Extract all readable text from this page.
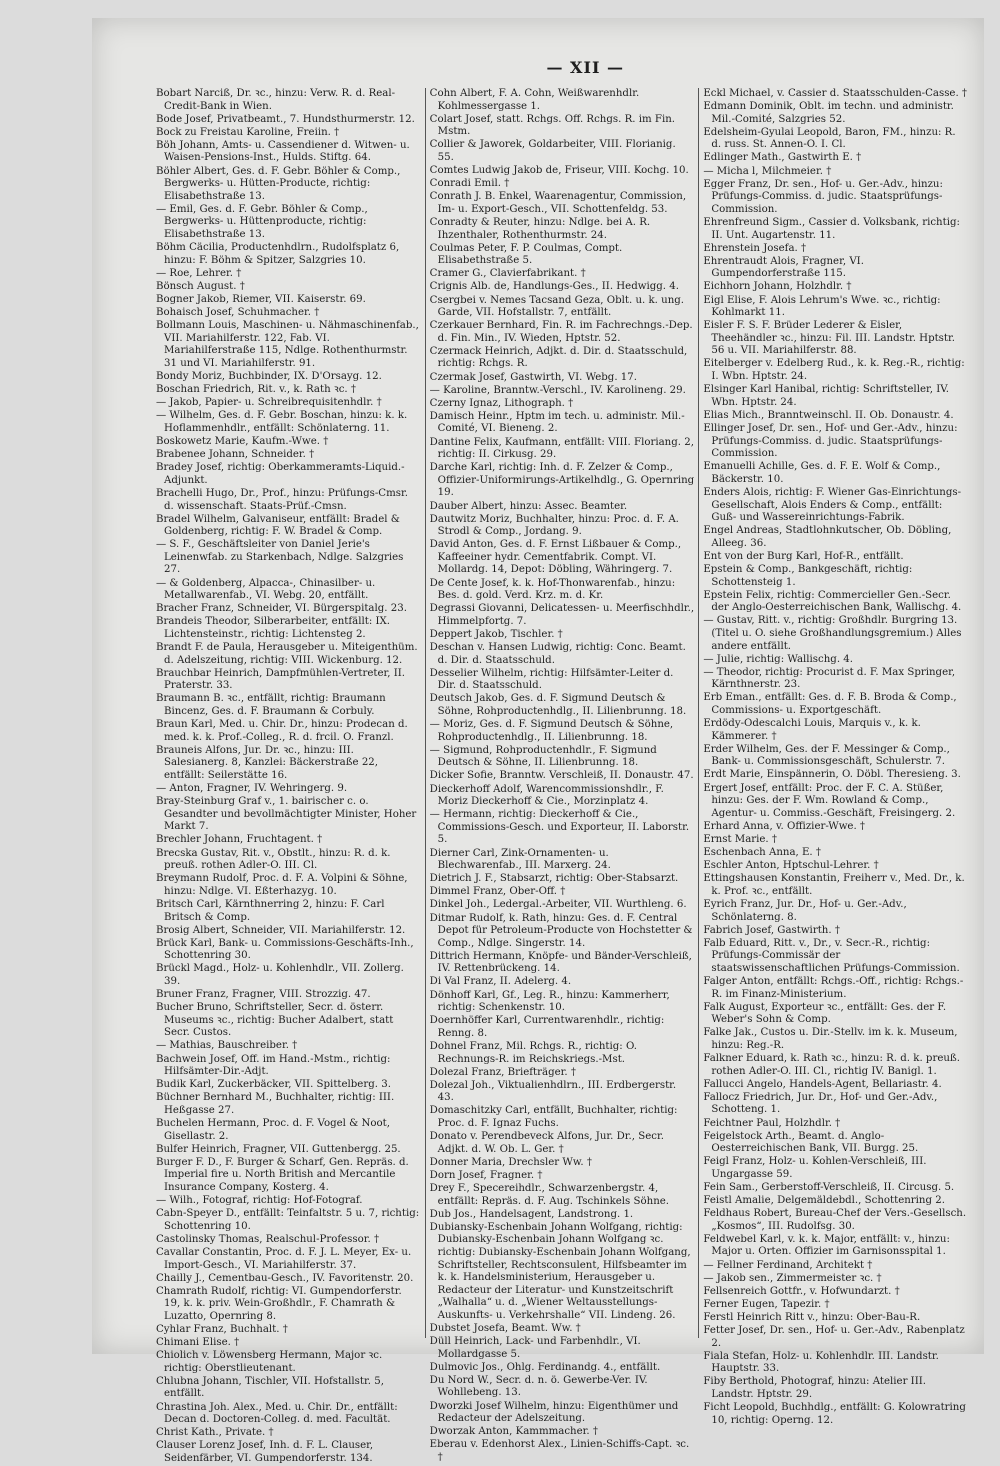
— XII —

Bobart Narciß, Dr. ꝛc., hinzu: Verw. R. d. Real-Credit-Bank in Wien.

Bode Josef, Privatbeamt., 7. Hundsthurmerstr. 12.

Bock zu Freistau Karoline, Freiin. †

Böh Johann, Amts- u. Cassendiener d. Witwen- u. Waisen-Pensions-Inst., Hulds. Stiftg. 64.

Böhler Albert, Ges. d. F. Gebr. Böhler & Comp., Bergwerks- u. Hütten-Producte, richtig: Elisabethstraße 13.

— Emil, Ges. d. F. Gebr. Böhler & Comp., Bergwerks- u. Hüttenproducte, richtig: Elisabethstraße 13.

Böhm Cäcilia, Productenhdlrn., Rudolfsplatz 6, hinzu: F. Böhm & Spitzer, Salzgries 10.

— Roe, Lehrer. †

Bönsch August. †

Bogner Jakob, Riemer, VII. Kaiserstr. 69.

Bohaisch Josef, Schuhmacher. †

Bollmann Louis, Maschinen- u. Nähmaschinenfab., VII. Mariahilferstr. 122, Fab. VI. Mariahilferstraße 115, Ndlge. Rothenthurmstr. 31 und VI. Mariahilferstr. 91.

Bondy Moriz, Buchbinder, IX. D'Orsayg. 12.

Boschan Friedrich, Rit. v., k. Rath ꝛc. †

— Jakob, Papier- u. Schreibrequisitenhdlr. †

— Wilhelm, Ges. d. F. Gebr. Boschan, hinzu: k. k. Hoflammenhdlr., entfällt: Schönlaterng. 11.

Boskowetz Marie, Kaufm.-Wwe. †

Brabenee Johann, Schneider. †

Bradey Josef, richtig: Oberkammeramts-Liquid.-Adjunkt.

Brachelli Hugo, Dr., Prof., hinzu: Prüfungs-Cmsr. d. wissenschaft. Staats-Prüf.-Cmsn.

Bradel Wilhelm, Galvaniseur, entfällt: Bradel & Goldenberg, richtig: F. W. Bradel & Comp.

— S. F., Geschäftsleiter von Daniel Jerie's Leinenwfab. zu Starkenbach, Ndlge. Salzgries 27.

— & Goldenberg, Alpacca-, Chinasilber- u. Metallwarenfab., VI. Webg. 20, entfällt.

Bracher Franz, Schneider, VI. Bürgerspitalg. 23.

Brandeis Theodor, Silberarbeiter, entfällt: IX. Lichtensteinstr., richtig: Lichtensteg 2.

Brandt F. de Paula, Herausgeber u. Miteigenthüm. d. Adelszeitung, richtig: VIII. Wickenburg. 12.

Brauchbar Heinrich, Dampfmühlen-Vertreter, II. Praterstr. 33.

Braumann B. ꝛc., entfällt, richtig: Braumann Bincenz, Ges. d. F. Braumann & Corbuly.

Braun Karl, Med. u. Chir. Dr., hinzu: Prodecan d. med. k. k. Prof.-Colleg., R. d. frcil. O. Franzl.

Brauneis Alfons, Jur. Dr. ꝛc., hinzu: III. Salesianerg. 8, Kanzlei: Bäckerstraße 22, entfällt: Seilerstätte 16.

— Anton, Fragner, IV. Wehringerg. 9.

Bray-Steinburg Graf v., 1. bairischer c. o. Gesandter und bevollmächtigter Minister, Hoher Markt 7.

Brechler Johann, Fruchtagent. †

Brecska Gustav, Rit. v., Obstlt., hinzu: R. d. k. preuß. rothen Adler-O. III. Cl.

Breymann Rudolf, Proc. d. F. A. Volpini & Söhne, hinzu: Ndlge. VI. Eßterhazyg. 10.

Britsch Carl, Kärnthnerring 2, hinzu: F. Carl Britsch & Comp.

Brosig Albert, Schneider, VII. Mariahilferstr. 12.

Brück Karl, Bank- u. Commissions-Geschäfts-Inh., Schottenring 30.

Brückl Magd., Holz- u. Kohlenhdlr., VII. Zollerg. 39.

Bruner Franz, Fragner, VIII. Strozzig. 47.

Bucher Bruno, Schriftsteller, Secr. d. österr. Museums ꝛc., richtig: Bucher Adalbert, statt Secr. Custos.

— Mathias, Bauschreiber. †

Bachwein Josef, Off. im Hand.-Mstm., richtig: Hilfsämter-Dir.-Adjt.

Budik Karl, Zuckerbäcker, VII. Spittelberg. 3.

Büchner Bernhard M., Buchhalter, richtig: III. Heßgasse 27.

Buchelen Hermann, Proc. d. F. Vogel & Noot, Gisellastr. 2.

Bulfer Heinrich, Fragner, VII. Guttenbergg. 25.

Burger F. D., F. Burger & Scharf, Gen. Repräs. d. Imperial fire u. North British and Mercantile Insurance Company, Kosterg. 4.

— Wilh., Fotograf, richtig: Hof-Fotograf.

Cabn-Speyer D., entfällt: Teinfaltstr. 5 u. 7, richtig: Schottenring 10.

Castolinsky Thomas, Realschul-Professor. †

Cavallar Constantin, Proc. d. F. J. L. Meyer, Ex- u. Import-Gesch., VI. Mariahilferstr. 37.

Chailly J., Cementbau-Gesch., IV. Favoritenstr. 20.

Chamrath Rudolf, richtig: VI. Gumpendorferstr. 19, k. k. priv. Wein-Großhdlr., F. Chamrath & Luzatto, Opernring 8.

Cyhlar Franz, Buchhalt. †

Chimani Elise. †

Chiolich v. Löwensberg Hermann, Major ꝛc. richtig: Oberstlieutenant.

Chlubna Johann, Tischler, VII. Hofstallstr. 5, entfällt.

Chrastina Joh. Alex., Med. u. Chir. Dr., entfällt: Decan d. Doctoren-Colleg. d. med. Facultät.

Christ Kath., Private. †

Clauser Lorenz Josef, Inh. d. F. L. Clauser, Seidenfärber, VI. Gumpendorferstr. 134.

Cohn Albert, F. A. Cohn, Weißwarenhdlr. Kohlmessergasse 1.

Colart Josef, statt. Rchgs. Off. Rchgs. R. im Fin. Mstm.

Collier & Jaworek, Goldarbeiter, VIII. Florianig. 55.

Comtes Ludwig Jakob de, Friseur, VIII. Kochg. 10.

Conradi Emil. †

Conrath J. B. Enkel, Waarenagentur, Commission, Im- u. Export-Gesch., VII. Schottenfeldg. 53.

Conradty & Reuter, hinzu: Ndlge. bei A. R. Ihzenthaler, Rothenthurmstr. 24.

Coulmas Peter, F. P. Coulmas, Compt. Elisabethstraße 5.

Cramer G., Clavierfabrikant. †

Crignis Alb. de, Handlungs-Ges., II. Hedwigg. 4.

Csergbei v. Nemes Tacsand Geza, Oblt. u. k. ung. Garde, VII. Hofstallstr. 7, entfällt.

Czerkauer Bernhard, Fin. R. im Fachrechngs.-Dep. d. Fin. Min., IV. Wieden, Hptstr. 52.

Czermack Heinrich, Adjkt. d. Dir. d. Staatsschuld, richtig: Rchgs. R.

Czermak Josef, Gastwirth, VI. Webg. 17.

— Karoline, Branntw.-Verschl., IV. Karolineng. 29.

Czerny Ignaz, Lithograph. †

Damisch Heinr., Hptm im tech. u. administr. Mil.-Comité, VI. Bieneng. 2.

Dantine Felix, Kaufmann, entfällt: VIII. Floriang. 2, richtig: II. Cirkusg. 29.

Darche Karl, richtig: Inh. d. F. Zelzer & Comp., Offizier-Uniformirungs-Artikelhdlg., G. Opernring 19.

Dauber Albert, hinzu: Assec. Beamter.

Dautwitz Moriz, Buchhalter, hinzu: Proc. d. F. A. Strodl & Comp., Jordang. 9.

David Anton, Ges. d. F. Ernst Lißbauer & Comp., Kaffeeiner hydr. Cementfabrik. Compt. VI. Mollardg. 14, Depot: Döbling, Währingerg. 7.

De Cente Josef, k. k. Hof-Thonwarenfab., hinzu: Bes. d. gold. Verd. Krz. m. d. Kr.

Degrassi Giovanni, Delicatessen- u. Meerfischhdlr., Himmelpfortg. 7.

Deppert Jakob, Tischler. †

Deschan v. Hansen Ludwig, richtig: Conc. Beamt. d. Dir. d. Staatsschuld.

Desselier Wilhelm, richtig: Hilfsämter-Leiter d. Dir. d. Staatsschuld.

Deutsch Jakob, Ges. d. F. Sigmund Deutsch & Söhne, Rohproductenhdlg., II. Lilienbrunng. 18.

— Moriz, Ges. d. F. Sigmund Deutsch & Söhne, Rohproductenhdlg., II. Lilienbrunng. 18.

— Sigmund, Rohproductenhdlr., F. Sigmund Deutsch & Söhne, II. Lilienbrunng. 18.

Dicker Sofie, Branntw. Verschleiß, II. Donaustr. 47.

Dieckerhoff Adolf, Warencommissionshdlr., F. Moriz Dieckerhoff & Cie., Morzinplatz 4.

— Hermann, richtig: Dieckerhoff & Cie., Commissions-Gesch. und Exporteur, II. Laborstr. 5.

Dierner Carl, Zink-Ornamenten- u. Blechwarenfab., III. Marxerg. 24.

Dietrich J. F., Stabsarzt, richtig: Ober-Stabsarzt.

Dimmel Franz, Ober-Off. †

Dinkel Joh., Ledergal.-Arbeiter, VII. Wurthleng. 6.

Ditmar Rudolf, k. Rath, hinzu: Ges. d. F. Central Depot für Petroleum-Producte von Hochstetter & Comp., Ndlge. Singerstr. 14.

Dittrich Hermann, Knöpfe- und Bänder-Verschleiß, IV. Rettenbrückeng. 14.

Di Val Franz, II. Adelerg. 4.

Dönhoff Karl, Gf., Leg. R., hinzu: Kammerherr, richtig: Schenkenstr. 10.

Doernhöffer Karl, Currentwarenhdlr., richtig: Renng. 8.

Dohnel Franz, Mil. Rchgs. R., richtig: O. Rechnungs-R. im Reichskriegs.-Mst.

Dolezal Franz, Briefträger. †

Dolezal Joh., Viktualienhdlrn., III. Erdbergerstr. 43.

Domaschitzky Carl, entfällt, Buchhalter, richtig: Proc. d. F. Ignaz Fuchs.

Donato v. Perendbeveck Alfons, Jur. Dr., Secr. Adjkt. d. W. Ob. L. Ger. †

Donner Maria, Drechsler Ww. †

Dorn Josef, Fragner. †

Drey F., Specereihdlr., Schwarzenbergstr. 4, entfällt: Repräs. d. F. Aug. Tschinkels Söhne.

Dub Jos., Handelsagent, Landstrong. 1.

Dubiansky-Eschenbain Johann Wolfgang, richtig: Dubiansky-Eschenbain Johann Wolfgang ꝛc. richtig: Dubiansky-Eschenbain Johann Wolfgang, Schriftsteller, Rechtsconsulent, Hilfsbeamter im k. k. Handelsministerium, Herausgeber u. Redacteur der Literatur- und Kunstzeitschrift „Walhalla“ u. d. „Wiener Weltausstellungs-Auskunfts- u. Verkehrshalle“ VII. Lindeng. 26.

Dubstet Josefa, Beamt. Ww. †

Düll Heinrich, Lack- und Farbenhdlr., VI. Mollardgasse 5.

Dulmovic Jos., Ohlg. Ferdinandg. 4., entfällt.

Du Nord W., Secr. d. n. ö. Gewerbe-Ver. IV. Wohllebeng. 13.

Dworzki Josef Wilhelm, hinzu: Eigenthümer und Redacteur der Adelszeitung.

Dworzak Anton, Kammmacher. †

Eberau v. Edenhorst Alex., Linien-Schiffs-Capt. ꝛc. †

Eckl Michael, v. Cassier d. Staatsschulden-Casse. †

Edmann Dominik, Oblt. im techn. und administr. Mil.-Comité, Salzgries 52.

Edelsheim-Gyulai Leopold, Baron, FM., hinzu: R. d. russ. St. Annen-O. I. Cl.

Edlinger Math., Gastwirth E. †

— Micha l, Milchmeier. †

Egger Franz, Dr. sen., Hof- u. Ger.-Adv., hinzu: Prüfungs-Commiss. d. judic. Staatsprüfungs-Commission.

Ehrenfreund Sigm., Cassier d. Volksbank, richtig: II. Unt. Augartenstr. 11.

Ehrenstein Josefa. †

Ehrentraudt Alois, Fragner, VI. Gumpendorferstraße 115.

Eichhorn Johann, Holzhdlr. †

Eigl Elise, F. Alois Lehrum's Wwe. ꝛc., richtig: Kohlmarkt 11.

Eisler F. S. F. Brüder Lederer & Eisler, Theehändler ꝛc., hinzu: Fil. III. Landstr. Hptstr. 56 u. VII. Mariahilferstr. 88.

Eitelberger v. Edelberg Rud., k. k. Reg.-R., richtig: I. Wbn. Hptstr. 24.

Elsinger Karl Hanibal, richtig: Schriftsteller, IV. Wbn. Hptstr. 24.

Elias Mich., Branntweinschl. II. Ob. Donaustr. 4.

Ellinger Josef, Dr. sen., Hof- und Ger.-Adv., hinzu: Prüfungs-Commiss. d. judic. Staatsprüfungs-Commission.

Emanuelli Achille, Ges. d. F. E. Wolf & Comp., Bäckerstr. 10.

Enders Alois, richtig: F. Wiener Gas-Einrichtungs-Gesellschaft, Alois Enders & Comp., entfällt: Guß- und Wassereinrichtungs-Fabrik.

Engel Andreas, Stadtlohnkutscher, Ob. Döbling, Alleeg. 36.

Ent von der Burg Karl, Hof-R., entfällt.

Epstein & Comp., Bankgeschäft, richtig: Schottensteig 1.

Epstein Felix, richtig: Commercieller Gen.-Secr. der Anglo-Oesterreichischen Bank, Wallischg. 4.

— Gustav, Ritt. v., richtig: Großhdlr. Burgring 13. (Titel u. O. siehe Großhandlungsgremium.) Alles andere entfällt.

— Julie, richtig: Wallischg. 4.

— Theodor, richtig: Procurist d. F. Max Springer, Kärnthnerstr. 23.

Erb Eman., entfällt: Ges. d. F. B. Broda & Comp., Commissions- u. Exportgeschäft.

Erdödy-Odescalchi Louis, Marquis v., k. k. Kämmerer. †

Erder Wilhelm, Ges. der F. Messinger & Comp., Bank- u. Commissionsgeschäft, Schulerstr. 7.

Erdt Marie, Einspännerin, O. Döbl. Theresieng. 3.

Ergert Josef, entfällt: Proc. der F. C. A. Stüßer, hinzu: Ges. der F. Wm. Rowland & Comp., Agentur- u. Commiss.-Geschäft, Freisingerg. 2.

Erhard Anna, v. Offizier-Wwe. †

Ernst Marie. †

Eschenbach Anna, E. †

Eschler Anton, Hptschul-Lehrer. †

Ettingshausen Konstantin, Freiherr v., Med. Dr., k. k. Prof. ꝛc., entfällt.

Eyrich Franz, Jur. Dr., Hof- u. Ger.-Adv., Schönlaterng. 8.

Fabrich Josef, Gastwirth. †

Falb Eduard, Ritt. v., Dr., v. Secr.-R., richtig: Prüfungs-Commissär der staatswissenschaftlichen Prüfungs-Commission.

Falger Anton, entfällt: Rchgs.-Off., richtig: Rchgs.-R. im Finanz-Ministerium.

Falk August, Exporteur ꝛc., entfällt: Ges. der F. Weber's Sohn & Comp.

Falke Jak., Custos u. Dir.-Stellv. im k. k. Museum, hinzu: Reg.-R.

Falkner Eduard, k. Rath ꝛc., hinzu: R. d. k. preuß. rothen Adler-O. III. Cl., richtig IV. Banigl. 1.

Fallucci Angelo, Handels-Agent, Bellariastr. 4.

Fallocz Friedrich, Jur. Dr., Hof- und Ger.-Adv., Schotteng. 1.

Feichtner Paul, Holzhdlr. †

Feigelstock Arth., Beamt. d. Anglo-Oesterreichischen Bank, VII. Burgg. 25.

Feigl Franz, Holz- u. Kohlen-Verschleiß, III. Ungargasse 59.

Fein Sam., Gerberstoff-Verschleiß, II. Circusg. 5.

Feistl Amalie, Delgemäldebdl., Schottenring 2.

Feldhaus Robert, Bureau-Chef der Vers.-Gesellsch. „Kosmos“, III. Rudolfsg. 30.

Feldwebel Karl, v. k. k. Major, entfällt: v., hinzu: Major u. Orten. Offizier im Garnisonsspital 1.

— Fellner Ferdinand, Architekt †

— Jakob sen., Zimmermeister ꝛc. †

Fellsenreich Gottfr., v. Hofwundarzt. †

Ferner Eugen, Tapezir. †

Ferstl Heinrich Ritt v., hinzu: Ober-Bau-R.

Fetter Josef, Dr. sen., Hof- u. Ger.-Adv., Rabenplatz 2.

Fiala Stefan, Holz- u. Kohlenhdlr. III. Landstr. Hauptstr. 33.

Fiby Berthold, Photograf, hinzu: Atelier III. Landstr. Hptstr. 29.

Ficht Leopold, Buchhdlg., entfällt: G. Kolowratring 10, richtig: Operng. 12.
